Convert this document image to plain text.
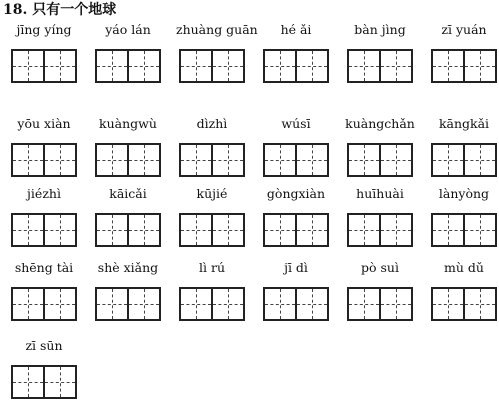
18. 只有一个地球
jīng yíng	yáo lán	zhuàng guān	hé ǎi	bàn jìng	zī yuán
yōu xiàn	kuàngwù	dìzhì	wúsī	kuàngchǎn	kāngkǎi
jiézhì	kāicǎi	kūjié	gòngxiàn	huīhuài	lànyòng
shēng tài	shè xiǎng	lì rú	jī dì	pò suì	mù dǔ
zī sūn
